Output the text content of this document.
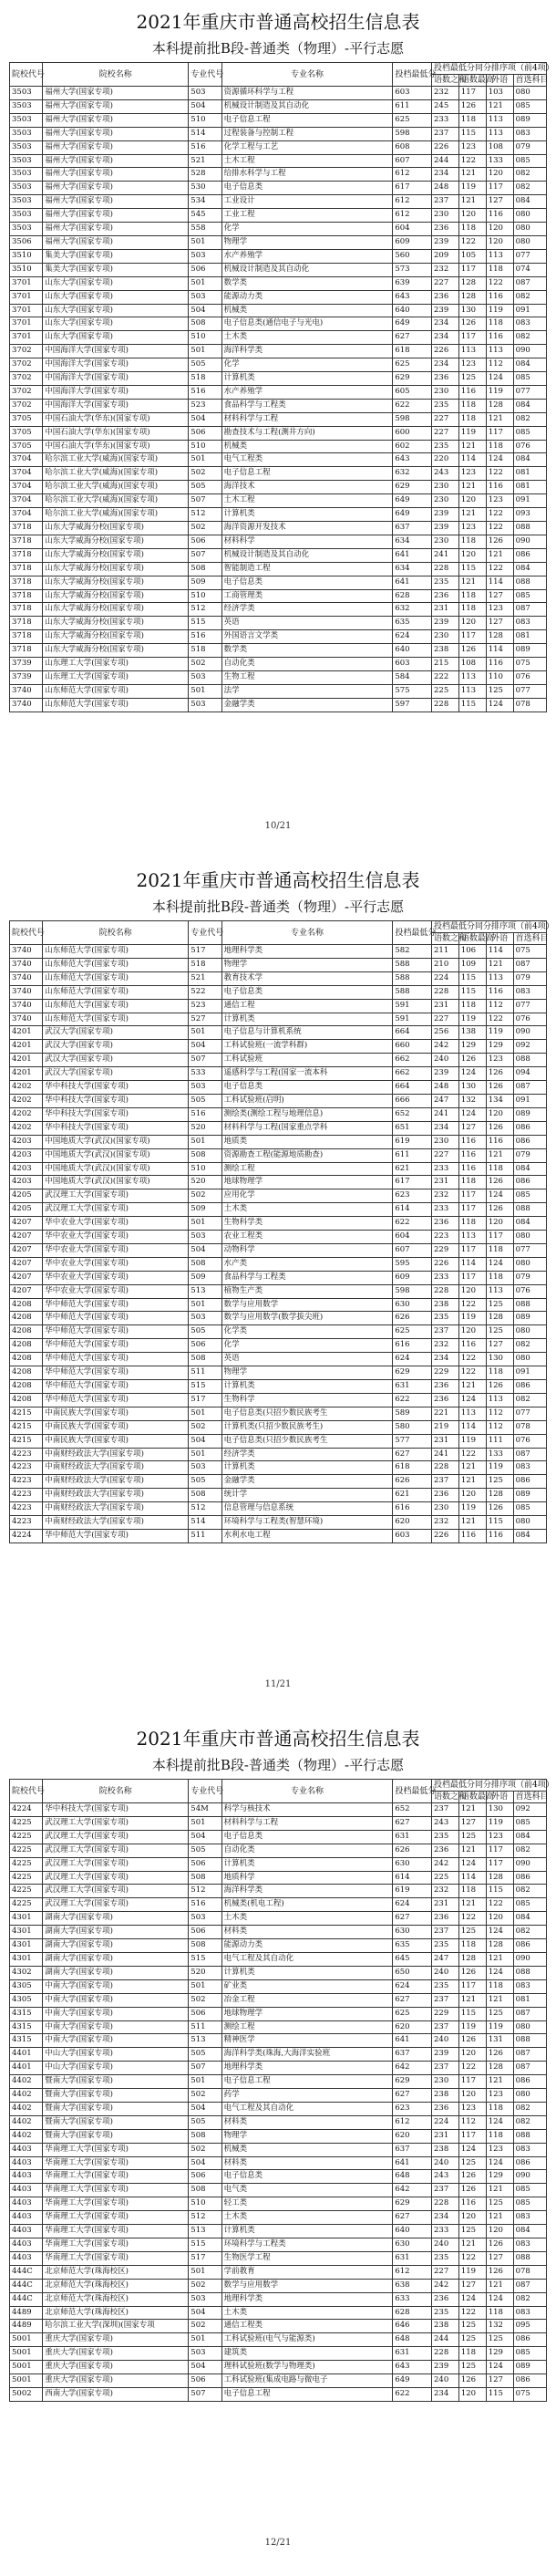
2021年重庆市普通高校招生信息表
本科提前批B段-普通类（物理）-平行志愿
院校代号	院校名称	专业代号	专业名称	投档最低分	投档最低分同分排序项（前4项）			
					语数之和	语数最高	外语	首选科目
3503	福州大学(国家专项)	503	资源循环科学与工程	603	232	117	103	080
3503	福州大学(国家专项)	504	机械设计制造及其自动化	611	245	126	121	085
3503	福州大学(国家专项)	510	电子信息工程	625	233	118	113	089
3503	福州大学(国家专项)	514	过程装备与控制工程	598	237	115	113	083
3503	福州大学(国家专项)	516	化学工程与工艺	608	226	123	108	079
3503	福州大学(国家专项)	521	土木工程	607	244	122	133	085
3503	福州大学(国家专项)	528	给排水科学与工程	612	234	121	120	082
3503	福州大学(国家专项)	530	电子信息类	617	248	119	117	082
3503	福州大学(国家专项)	534	工业设计	612	237	121	127	084
3503	福州大学(国家专项)	545	工业工程	612	230	120	116	080
3503	福州大学(国家专项)	558	化学	604	236	118	120	080
3506	福州大学(国家专项)	501	物理学	609	239	122	120	080
3510	集美大学(国家专项)	503	水产养殖学	560	209	105	113	077
3510	集美大学(国家专项)	506	机械设计制造及其自动化	573	232	117	118	074
3701	山东大学(国家专项)	501	数学类	639	227	128	122	087
3701	山东大学(国家专项)	503	能源动力类	643	236	128	116	082
3701	山东大学(国家专项)	504	机械类	640	239	130	119	091
3701	山东大学(国家专项)	508	电子信息类(通信电子与光电)	649	234	126	118	083
3701	山东大学(国家专项)	510	土木类	627	234	117	116	082
3702	中国海洋大学(国家专项)	501	海洋科学类	618	226	113	113	090
3702	中国海洋大学(国家专项)	505	化学	625	234	123	112	084
3702	中国海洋大学(国家专项)	518	计算机类	629	236	125	124	085
3702	中国海洋大学(国家专项)	516	水产养殖学	605	230	116	119	077
3702	中国海洋大学(国家专项)	523	食品科学与工程类	622	235	118	128	084
3705	中国石油大学(华东)(国家专项)	504	材料科学与工程	598	227	118	121	082
3705	中国石油大学(华东)(国家专项)	506	勘查技术与工程(测井方向)	600	227	119	117	085
3705	中国石油大学(华东)(国家专项)	510	机械类	602	235	121	118	076
3704	哈尔滨工业大学(威海)(国家专项)	501	电气工程类	643	220	114	124	084
3704	哈尔滨工业大学(威海)(国家专项)	502	电子信息工程	632	243	123	122	081
3704	哈尔滨工业大学(威海)(国家专项)	505	海洋技术	629	230	121	116	081
3704	哈尔滨工业大学(威海)(国家专项)	507	土木工程	649	230	120	123	091
3704	哈尔滨工业大学(威海)(国家专项)	512	计算机类	649	239	121	122	093
3718	山东大学威海分校(国家专项)	502	海洋资源开发技术	637	239	123	122	088
3718	山东大学威海分校(国家专项)	506	材料科学	634	230	118	126	090
3718	山东大学威海分校(国家专项)	507	机械设计制造及其自动化	641	241	120	121	086
3718	山东大学威海分校(国家专项)	508	智能制造工程	634	228	115	122	084
3718	山东大学威海分校(国家专项)	509	电子信息类	641	235	121	114	088
3718	山东大学威海分校(国家专项)	510	工商管理类	628	236	118	127	085
3718	山东大学威海分校(国家专项)	512	经济学类	632	231	118	123	087
3718	山东大学威海分校(国家专项)	515	英语	635	239	120	127	083
3718	山东大学威海分校(国家专项)	516	外国语言文学类	624	230	117	128	081
3718	山东大学威海分校(国家专项)	518	数学类	640	238	126	114	089
3739	山东理工大学(国家专项)	502	自动化类	603	215	108	116	075
3739	山东理工大学(国家专项)	503	生物工程	584	222	113	110	076
3740	山东师范大学(国家专项)	501	法学	575	225	113	125	077
3740	山东师范大学(国家专项)	503	金融学类	597	228	115	124	078
10/21
2021年重庆市普通高校招生信息表
本科提前批B段-普通类（物理）-平行志愿
院校代号	院校名称	专业代号	专业名称	投档最低分	投档最低分同分排序项（前4项）			
					语数之和	语数最高	外语	首选科目
3740	山东师范大学(国家专项)	517	地理科学类	582	211	106	114	075
3740	山东师范大学(国家专项)	518	物理学	588	210	109	121	087
3740	山东师范大学(国家专项)	521	教育技术学	588	224	115	113	079
3740	山东师范大学(国家专项)	522	电子信息类	588	228	115	116	083
3740	山东师范大学(国家专项)	523	通信工程	591	231	118	112	077
3740	山东师范大学(国家专项)	527	计算机类	591	227	119	122	076
4201	武汉大学(国家专项)	501	电子信息与计算机系统	664	256	138	119	090
4201	武汉大学(国家专项)	504	工科试验班(一流学科群)	660	242	129	129	092
4201	武汉大学(国家专项)	507	工科试验班	662	240	126	123	088
4201	武汉大学(国家专项)	533	遥感科学与工程(国家一流本科	662	239	124	126	094
4202	华中科技大学(国家专项)	503	电子信息类	664	248	130	126	087
4202	华中科技大学(国家专项)	505	工科试验班(启明)	666	247	132	134	091
4202	华中科技大学(国家专项)	516	测绘类(测绘工程与地理信息)	652	241	124	120	089
4202	华中科技大学(国家专项)	520	材料科学与工程(国家重点学科	651	234	127	126	086
4203	中国地质大学(武汉)(国家专项)	501	地质类	619	230	116	116	086
4203	中国地质大学(武汉)(国家专项)	508	资源勘查工程(能源地质勘查)	611	227	116	121	079
4203	中国地质大学(武汉)(国家专项)	510	测绘工程	621	233	116	118	084
4203	中国地质大学(武汉)(国家专项)	520	地球物理学	617	231	118	126	086
4205	武汉理工大学(国家专项)	502	应用化学	623	232	117	124	085
4205	武汉理工大学(国家专项)	509	土木类	614	233	117	126	088
4207	华中农业大学(国家专项)	501	生物科学类	622	236	118	120	084
4207	华中农业大学(国家专项)	503	农业工程类	604	223	113	117	080
4207	华中农业大学(国家专项)	504	动物科学	607	229	117	118	077
4207	华中农业大学(国家专项)	508	水产类	595	226	114	124	080
4207	华中农业大学(国家专项)	509	食品科学与工程类	609	233	117	118	079
4207	华中农业大学(国家专项)	513	植物生产类	598	228	120	113	076
4208	华中师范大学(国家专项)	501	数学与应用数学	630	238	122	125	088
4208	华中师范大学(国家专项)	503	数学与应用数学(数学拔尖班)	626	235	119	128	089
4208	华中师范大学(国家专项)	505	化学类	625	237	120	125	080
4208	华中师范大学(国家专项)	506	化学	616	232	116	127	082
4208	华中师范大学(国家专项)	508	英语	624	234	122	130	080
4208	华中师范大学(国家专项)	511	物理学	629	229	122	118	091
4208	华中师范大学(国家专项)	515	计算机类	631	236	121	126	086
4208	华中师范大学(国家专项)	517	生物科学	622	236	124	113	082
4215	中南民族大学(国家专项)	501	电子信息类(只招少数民族考生	589	221	113	112	077
4215	中南民族大学(国家专项)	502	计算机类(只招少数民族考生)	580	219	114	112	078
4215	中南民族大学(国家专项)	504	电子信息类(只招少数民族考生	577	231	119	111	076
4223	中南财经政法大学(国家专项)	501	经济学类	627	241	122	133	087
4223	中南财经政法大学(国家专项)	503	计算机类	618	228	121	119	083
4223	中南财经政法大学(国家专项)	505	金融学类	626	237	121	125	086
4223	中南财经政法大学(国家专项)	508	统计学	621	236	120	128	089
4223	中南财经政法大学(国家专项)	512	信息管理与信息系统	616	230	119	126	085
4223	中南财经政法大学(国家专项)	514	环境科学与工程类(智慧环境)	620	232	121	115	080
4224	华中师范大学(国家专项)	511	水利水电工程	603	226	116	116	084
11/21
2021年重庆市普通高校招生信息表
本科提前批B段-普通类（物理）-平行志愿
院校代号	院校名称	专业代号	专业名称	投档最低分	投档最低分同分排序项（前4项）			
					语数之和	语数最高	外语	首选科目
4224	华中科技大学(国家专项)	54M	科学与核技术	652	237	121	130	092
4225	武汉理工大学(国家专项)	501	材料科学与工程	627	243	127	119	085
4225	武汉理工大学(国家专项)	504	电子信息类	631	235	125	123	084
4225	武汉理工大学(国家专项)	505	自动化类	626	236	121	117	082
4225	武汉理工大学(国家专项)	506	计算机类	630	242	124	117	090
4225	武汉理工大学(国家专项)	508	地质科学	614	225	114	128	086
4225	武汉理工大学(国家专项)	512	海洋科学类	619	232	118	115	082
4225	武汉理工大学(国家专项)	516	机械类(机电工程)	624	231	121	122	085
4301	湖南大学(国家专项)	503	土木类	627	236	122	120	084
4301	湖南大学(国家专项)	506	材料类	630	237	125	124	082
4301	湖南大学(国家专项)	508	能源动力类	635	235	118	128	086
4301	湖南大学(国家专项)	515	电气工程及其自动化	645	247	128	121	090
4302	湖南大学(国家专项)	520	计算机类	650	240	126	124	088
4305	中南大学(国家专项)	501	矿业类	624	235	117	118	083
4305	中南大学(国家专项)	502	冶金工程	627	237	121	121	081
4315	中南大学(国家专项)	506	地球物理学	625	229	115	125	087
4315	中南大学(国家专项)	511	测绘工程	620	237	119	119	080
4315	中南大学(国家专项)	513	精神医学	641	240	126	131	088
4401	中山大学(国家专项)	505	海洋科学类(珠海,大海洋实验班	637	239	120	126	087
4401	中山大学(国家专项)	507	地理科学类	642	237	122	128	087
4402	暨南大学(国家专项)	501	电子信息工程	629	230	117	121	086
4402	暨南大学(国家专项)	502	药学	627	238	120	123	080
4402	暨南大学(国家专项)	504	电气工程及其自动化	623	236	123	118	082
4402	暨南大学(国家专项)	505	材料类	612	224	112	124	082
4402	暨南大学(国家专项)	508	物理学	620	231	117	118	088
4403	华南理工大学(国家专项)	502	机械类	637	238	124	123	083
4403	华南理工大学(国家专项)	504	材料类	641	240	125	124	086
4403	华南理工大学(国家专项)	506	电子信息类	648	243	126	129	090
4403	华南理工大学(国家专项)	508	电气类	642	237	126	121	085
4403	华南理工大学(国家专项)	510	轻工类	629	228	116	125	085
4403	华南理工大学(国家专项)	512	土木类	627	234	120	121	083
4403	华南理工大学(国家专项)	513	计算机类	640	233	125	120	084
4403	华南理工大学(国家专项)	515	环境科学与工程类	630	240	121	126	083
4403	华南理工大学(国家专项)	517	生物医学工程	631	235	122	127	088
444C	北京师范大学(珠海校区)	501	学前教育	612	227	119	126	078
444C	北京师范大学(珠海校区)	502	数学与应用数学	638	242	127	121	087
444C	北京师范大学(珠海校区)	503	地理科学类	633	236	124	124	082
4489	北京师范大学(珠海校区)	504	土木类	628	235	122	118	083
4489	哈尔滨工业大学(深圳)(国家专项	502	通信工程类	646	238	125	132	095
5001	重庆大学(国家专项)	501	工科试验班(电气与能源类)	648	244	125	125	086
5001	重庆大学(国家专项)	503	建筑类	631	228	118	129	085
5001	重庆大学(国家专项)	504	理科试验班(数学与物理类)	643	239	125	124	089
5001	重庆大学(国家专项)	506	工科试验班(集成电路与微电子	649	240	126	127	086
5002	西南大学(国家专项)	507	电子信息工程	622	234	120	115	075
12/21
